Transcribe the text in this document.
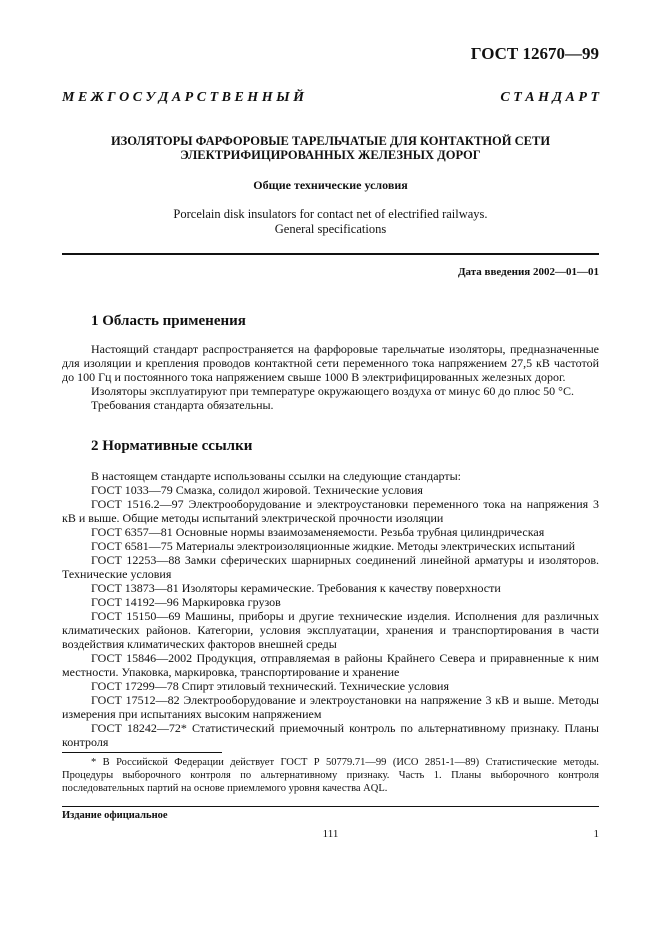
ГОСТ 12670—99
М Е Ж Г О С У Д А Р С Т В Е Н Н Ы Й	С Т А Н Д А Р Т
ИЗОЛЯТОРЫ ФАРФОРОВЫЕ ТАРЕЛЬЧАТЫЕ ДЛЯ КОНТАКТНОЙ СЕТИ
ЭЛЕКТРИФИЦИРОВАННЫХ ЖЕЛЕЗНЫХ ДОРОГ
Общие технические условия
Porcelain disk insulators for contact net of electrified railways.
General specifications
Дата введения 2002—01—01
1 Область применения

Настоящий стандарт распространяется на фарфоровые тарельчатые изоляторы, предназначенные для изоляции и крепления проводов контактной сети переменного тока напряжением 27,5 кВ частотой до 100 Гц и постоянного тока напряжением свыше 1000 В электрифицированных железных дорог.

Изоляторы эксплуатируют при температуре окружающего воздуха от минус 60 до плюс 50 °С.

Требования стандарта обязательны.

2 Нормативные ссылки

В настоящем стандарте использованы ссылки на следующие стандарты:

ГОСТ 1033—79 Смазка, солидол жировой. Технические условия

ГОСТ 1516.2—97 Электрооборудование и электроустановки переменного тока на напряжения 3 кВ и выше. Общие методы испытаний электрической прочности изоляции

ГОСТ 6357—81 Основные нормы взаимозаменяемости. Резьба трубная цилиндрическая

ГОСТ 6581—75 Материалы электроизоляционные жидкие. Методы электрических испытаний

ГОСТ 12253—88 Замки сферических шарнирных соединений линейной арматуры и изоляторов. Технические условия

ГОСТ 13873—81 Изоляторы керамические. Требования к качеству поверхности

ГОСТ 14192—96 Маркировка грузов

ГОСТ 15150—69 Машины, приборы и другие технические изделия. Исполнения для различных климатических районов. Категории, условия эксплуатации, хранения и транспортирования в части воздействия климатических факторов внешней среды

ГОСТ 15846—2002 Продукция, отправляемая в районы Крайнего Севера и приравненные к ним местности. Упаковка, маркировка, транспортирование и хранение

ГОСТ 17299—78 Спирт этиловый технический. Технические условия

ГОСТ 17512—82 Электрооборудование и электроустановки на напряжение 3 кВ и выше. Методы измерения при испытаниях высоким напряжением

ГОСТ 18242—72* Статистический приемочный контроль по альтернативному признаку. Планы контроля

* В Российской Федерации действует ГОСТ Р 50779.71—99 (ИСО 2851-1—89) Статистические методы. Процедуры выборочного контроля по альтернативному признаку. Часть 1. Планы выборочного контроля последовательных партий на основе приемлемого уровня качества AQL.

Издание официальное
111	1
